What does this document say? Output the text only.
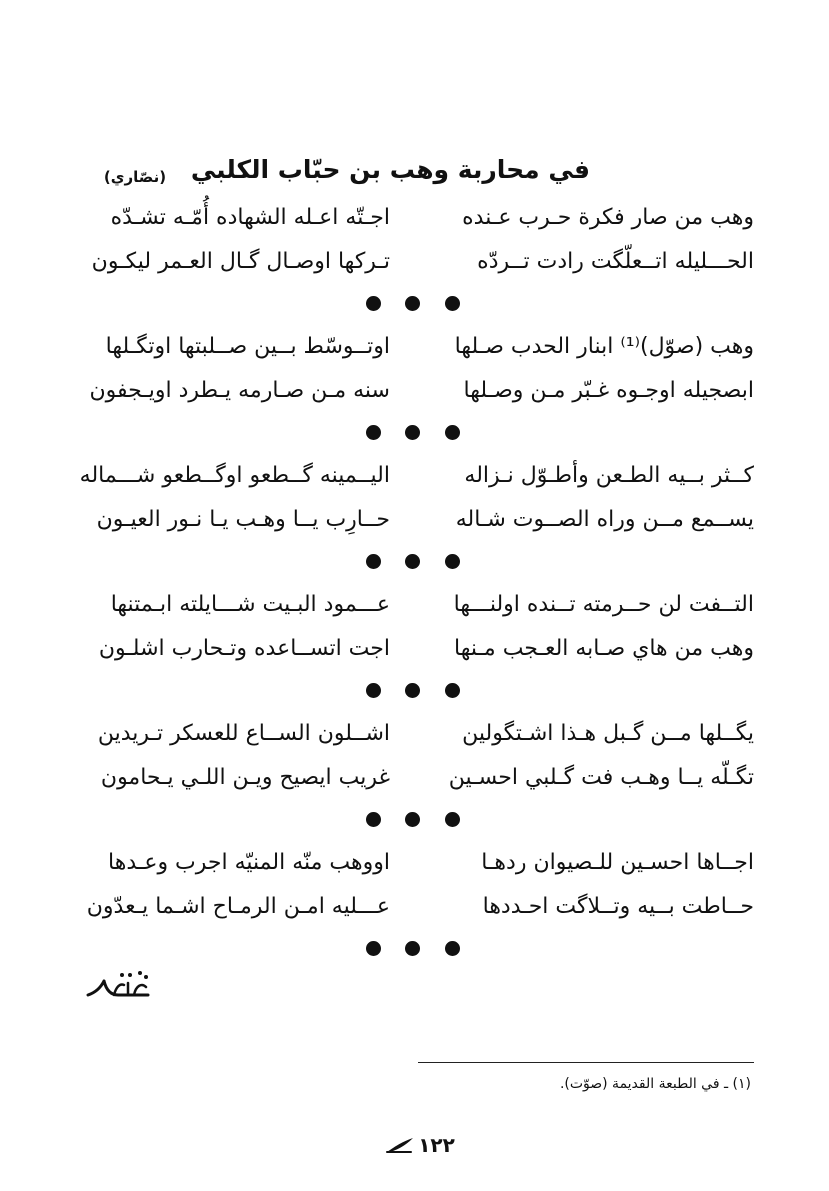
في محاربة وهب بن حبّاب الكلبي
(نصّاري)
وهب من صار فكرة حـرب عـنده
اجـتّه اعـله الشهاده أُمّـه تشـدّه
الحـــليله اتــعلّگت رادت تــردّه
تـركها اوصـال گـال العـمر ليكـون
وهب (صوّل)⁽¹⁾ ابنار الحدب صـلها
اوتــوسّط بــين صــلبتها اوتگـلها
ابصجيله اوجـوه غـبّر مـن وصـلها
سنه مـن صـارمه يـطرد اويـجفون
كــثر بــيه الطـعن وأطـوّل نـزاله
اليــمينه گــطعو اوگــطعو شـــماله
يســمع مــن وراه الصــوت شـاله
حــارِب يــا وهـب يـا نـور العيـون
التــفت لن حــرمته تــنده اولنـــها
عـــمود البـيت شـــايلته ابـمتنها
وهب من هاي صـابه العـجب مـنها
اجت اتســاعده وتـحارب اشلـون
يگــلها مــن گـبل هـذا اشـتگولين
اشــلون الســاع للعسكر تـريدين
تگـلّه يــا وهـب فت گـلبي احسـين
غريب ايصيح ويـن اللـي يـحامون
اجــاها احسـين للـصيوان ردهـا
اووهب منّه المنيّه اجرب وعـدها
حــاطت بــيه وتــلاگت احـددها
عـــليه امـن الرمـاح اشـما يـعدّون
(١) ـ في الطبعة القديمة (صوّت).
١٢٢
